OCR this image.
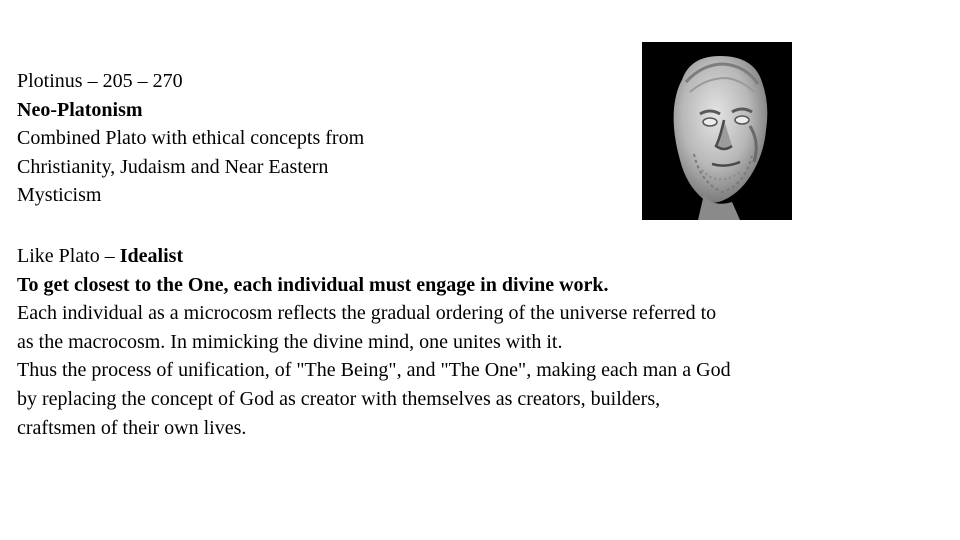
Plotinus – 205 – 270
Neo-Platonism
Combined Plato with ethical concepts from
Christianity, Judaism and Near Eastern
Mysticism
Like Plato – Idealist
To get closest to the One, each individual must engage in divine work.
Each individual as a microcosm reflects the gradual ordering of the universe referred to
as the macrocosm. In mimicking the divine mind, one unites with it.
Thus the process of unification, of "The Being", and "The One", making each man a God
by replacing the concept of God as creator with themselves as creators, builders,
craftsmen of their own lives.
